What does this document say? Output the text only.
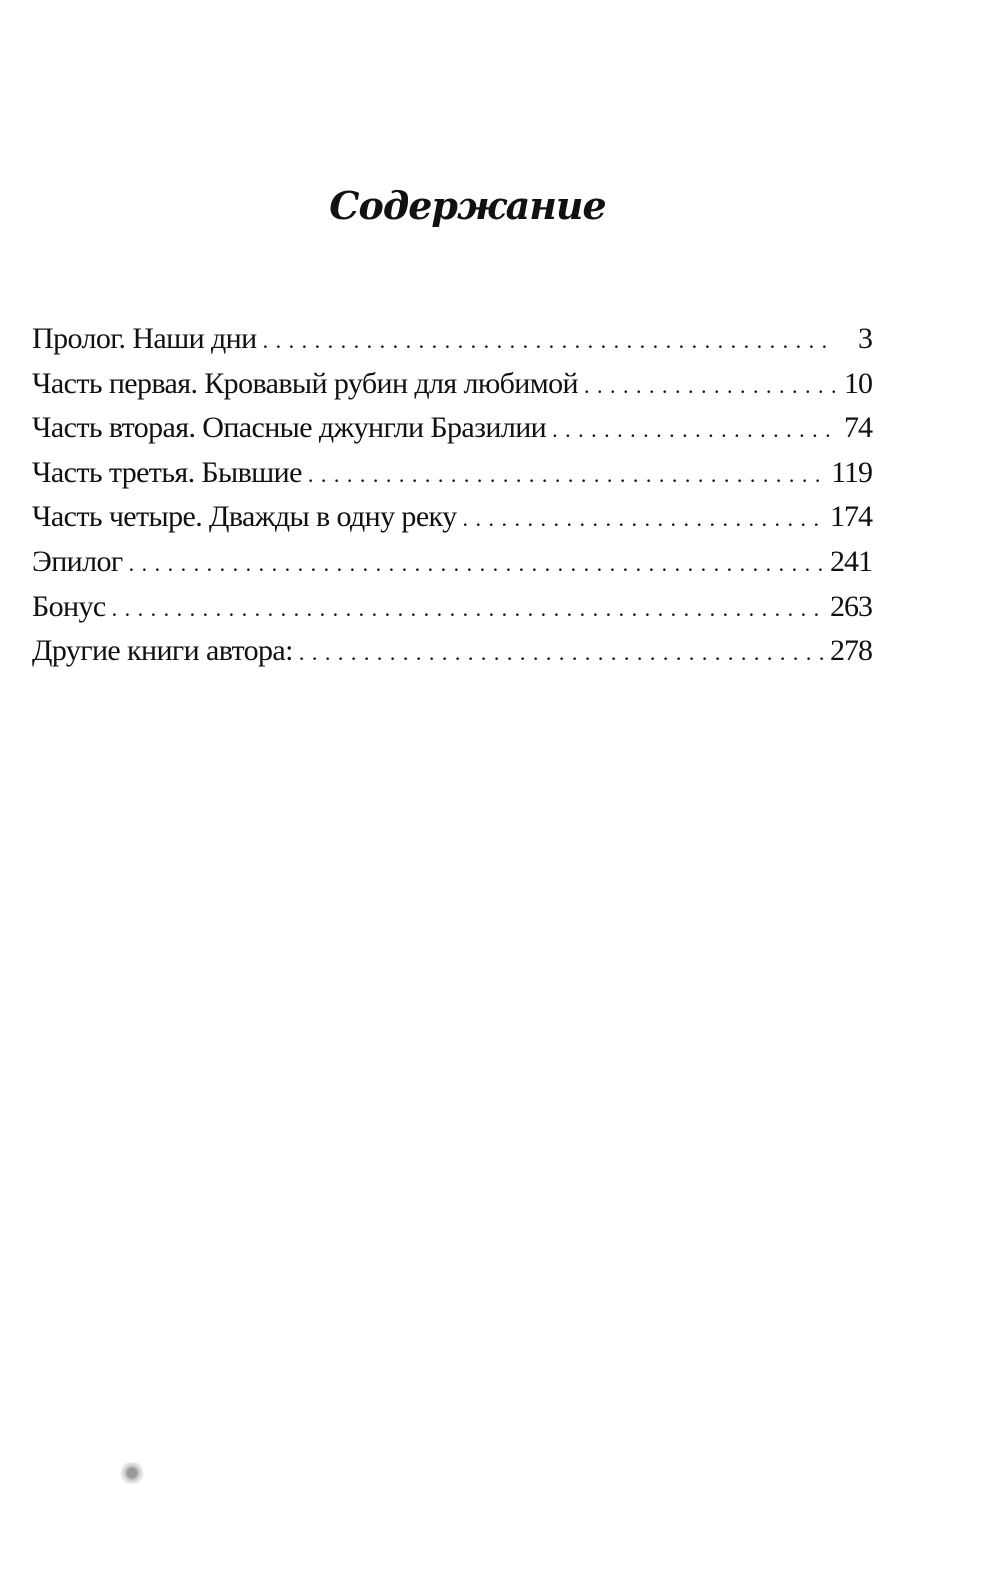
Содержание
Пролог. Наши дни . . .	3
Часть первая. Кровавый рубин для любимой . . .	10
Часть вторая. Опасные джунгли Бразилии . . .	74
Часть третья. Бывшие . . .	119
Часть четыре. Дважды в одну реку . . .	174
Эпилог . . .	241
Бонус . . .	263
Другие книги автора: . . .	278
